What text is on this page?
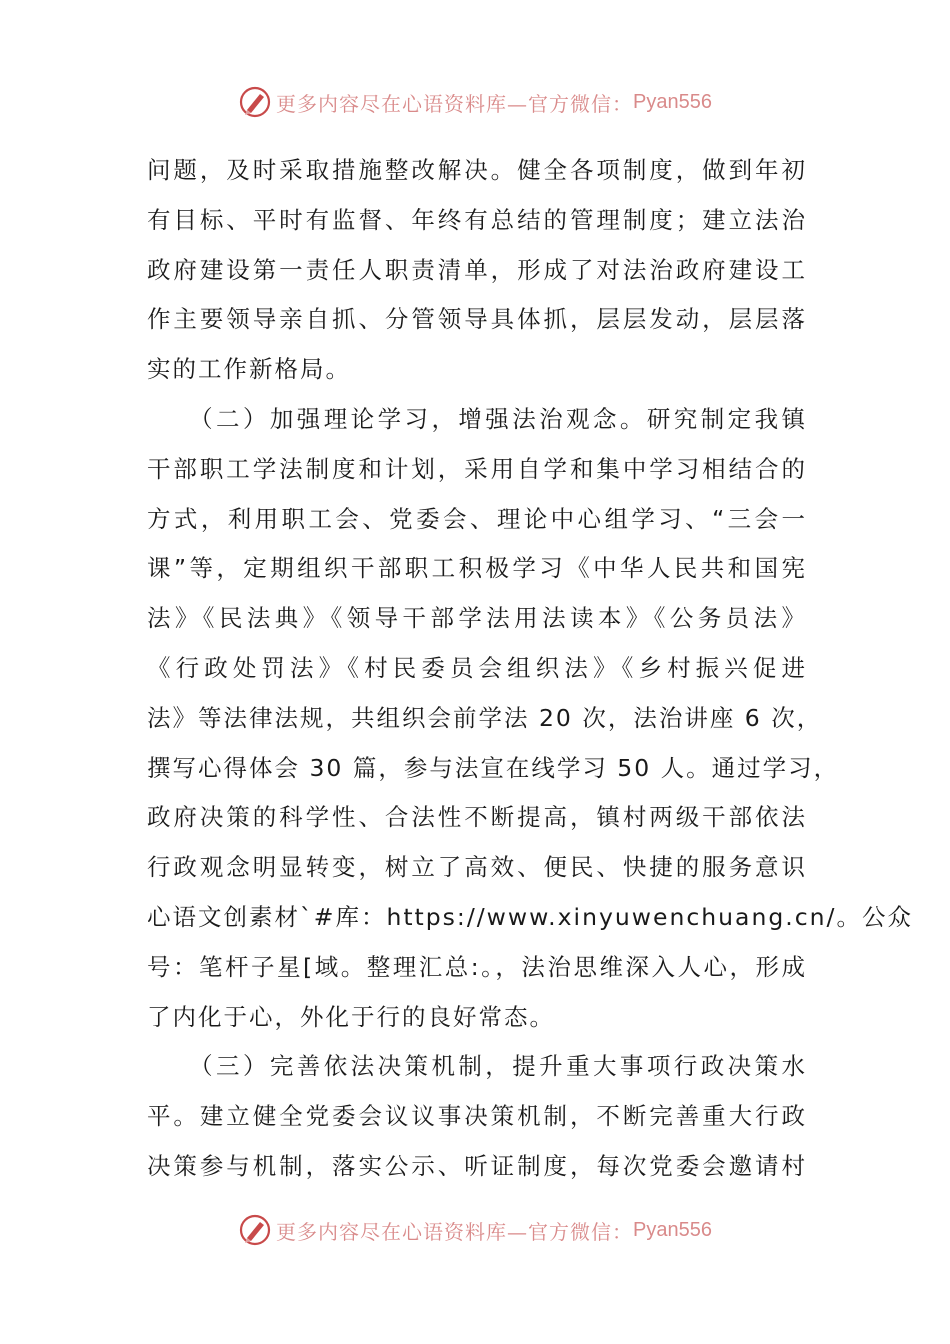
更多内容尽在心语资料库—官方微信： Pyan556
问题，及时采取措施整改解决。健全各项制度，做到年初
有目标、平时有监督、年终有总结的管理制度；建立法治
政府建设第一责任人职责清单，形成了对法治政府建设工
作主要领导亲自抓、分管领导具体抓，层层发动，层层落
实的工作新格局。
　　（二）加强理论学习，增强法治观念。研究制定我镇
干部职工学法制度和计划，采用自学和集中学习相结合的
方式，利用职工会、党委会、理论中心组学习、“三会一
课”等，定期组织干部职工积极学习《中华人民共和国宪
法》《民法典》《领导干部学法用法读本》《公务员法》
《行政处罚法》《村民委员会组织法》《乡村振兴促进
法》等法律法规，共组织会前学法 20 次，法治讲座 6 次，
撰写心得体会 30 篇，参与法宣在线学习 50 人。通过学习，
政府决策的科学性、合法性不断提高，镇村两级干部依法
行政观念明显转变，树立了高效、便民、快捷的服务意识
心语文创素材`#库：https://www.xinyuwenchuang.cn/。公众
号：笔杆子星[域。整理汇总:。，法治思维深入人心，形成
了内化于心，外化于行的良好常态。
　　（三）完善依法决策机制，提升重大事项行政决策水
平。建立健全党委会议议事决策机制，不断完善重大行政
决策参与机制，落实公示、听证制度，每次党委会邀请村
更多内容尽在心语资料库—官方微信： Pyan556
